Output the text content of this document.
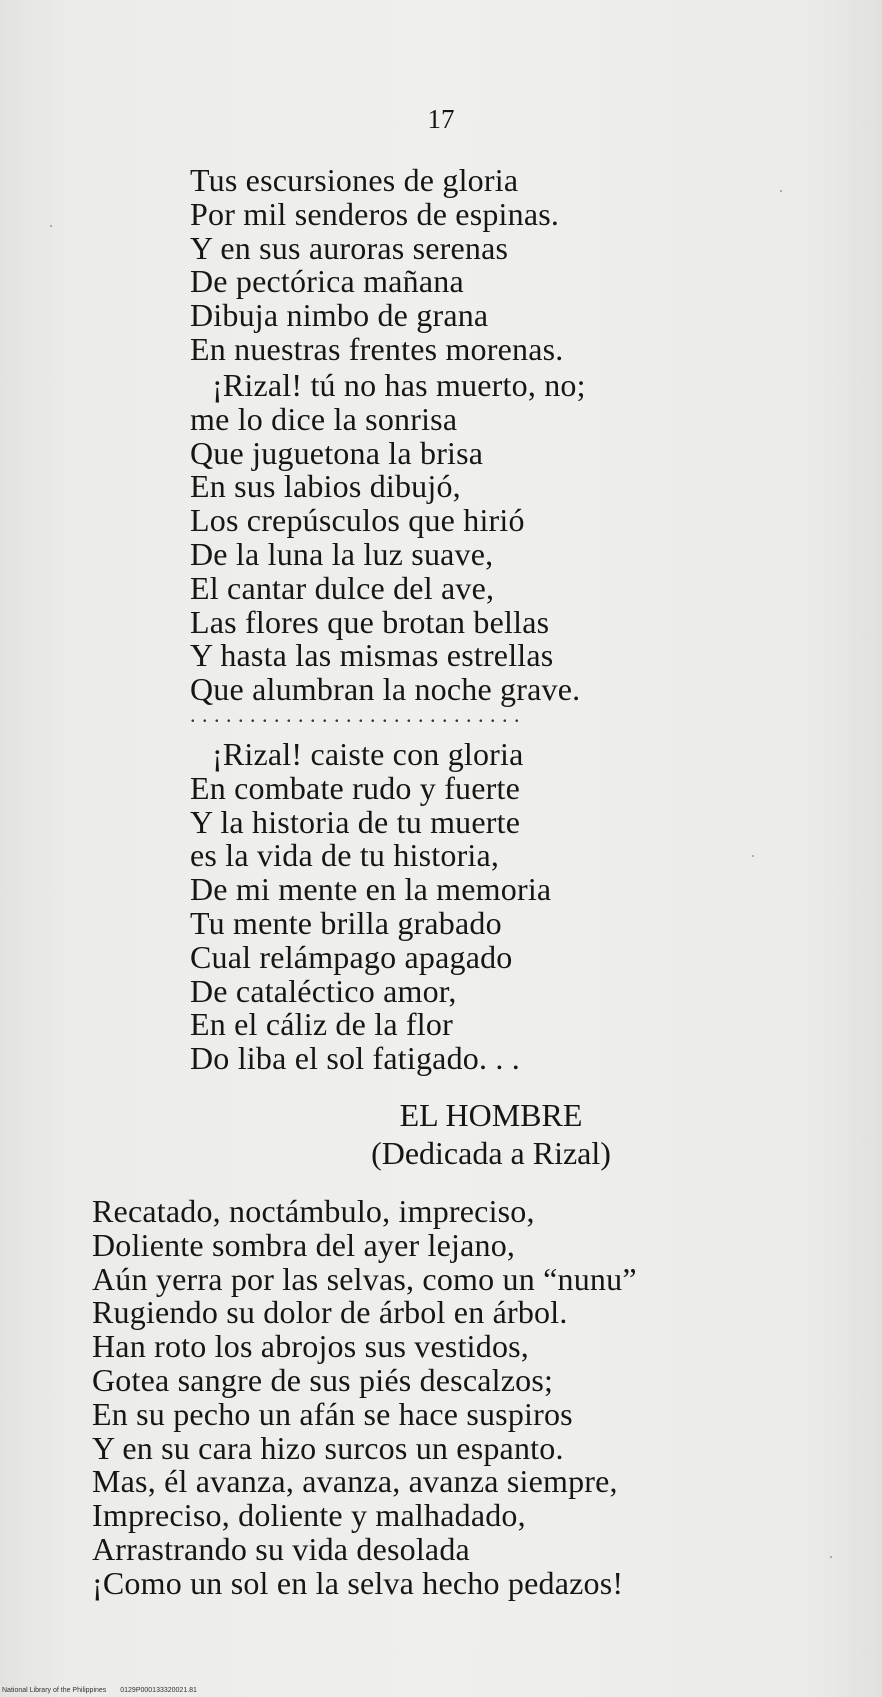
17
Tus escursiones de gloria
Por mil senderos de espinas.
Y en sus auroras serenas
De pectórica mañana
Dibuja nimbo de grana
En nuestras frentes morenas.
¡Rizal! tú no has muerto, no;
me lo dice la sonrisa
Que juguetona la brisa
En sus labios dibujó,
Los crepúsculos que hirió
De la luna la luz suave,
El cantar dulce del ave,
Las flores que brotan bellas
Y hasta las mismas estrellas
Que alumbran la noche grave.
............................
¡Rizal! caiste con gloria
En combate rudo y fuerte
Y la historia de tu muerte
es la vida de tu historia,
De mi mente en la memoria
Tu mente brilla grabado
Cual relámpago apagado
De cataléctico amor,
En el cáliz de la flor
Do liba el sol fatigado. . .
EL HOMBRE
(Dedicada a Rizal)
Recatado, noctámbulo, impreciso,
Doliente sombra del ayer lejano,
Aún yerra por las selvas, como un “nunu”
Rugiendo su dolor de árbol en árbol.
Han roto los abrojos sus vestidos,
Gotea sangre de sus piés descalzos;
En su pecho un afán se hace suspiros
Y en su cara hizo surcos un espanto.
Mas, él avanza, avanza, avanza siempre,
Impreciso, doliente y malhadado,
Arrastrando su vida desolada
¡Como un sol en la selva hecho pedazos!
National Library of the Philippines 0129P000133320021.81
